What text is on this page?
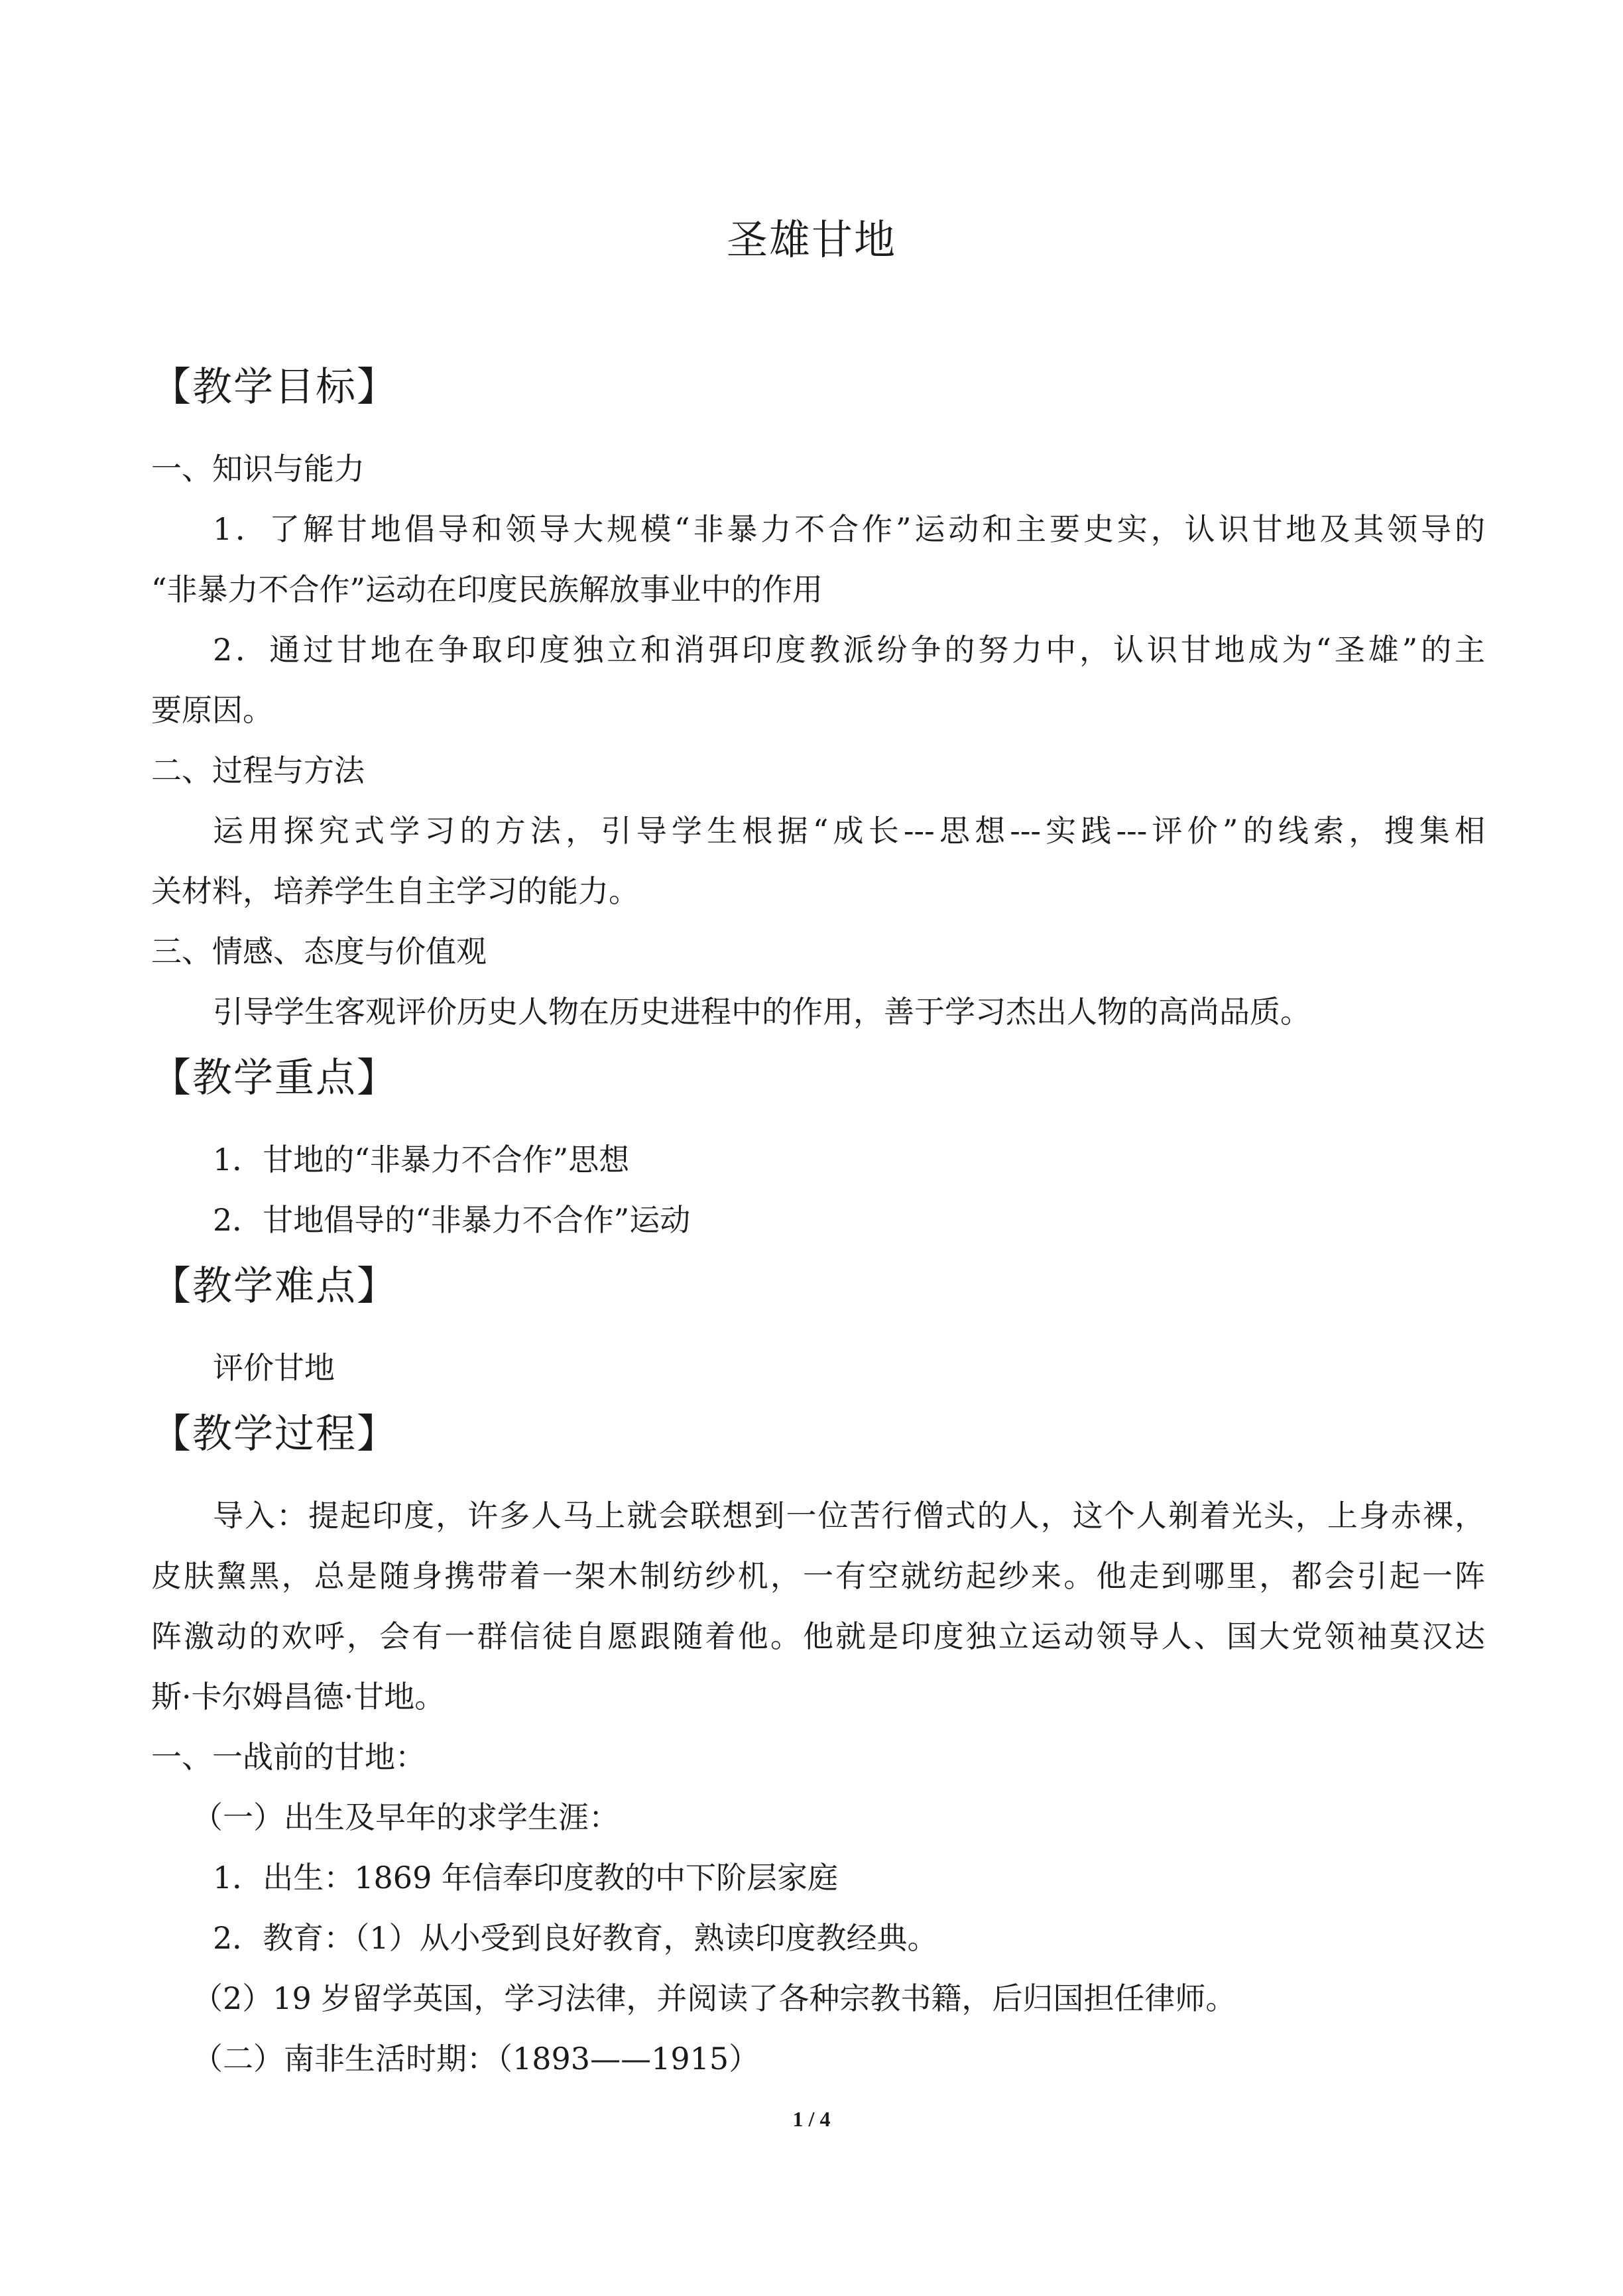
圣雄甘地

【教学目标】

一、知识与能力

1．了解甘地倡导和领导大规模“非暴力不合作”运动和主要史实，认识甘地及其领导的

“非暴力不合作”运动在印度民族解放事业中的作用

2．通过甘地在争取印度独立和消弭印度教派纷争的努力中，认识甘地成为“圣雄”的主

要原因。

二、过程与方法

运用探究式学习的方法，引导学生根据“成长---思想---实践---评价”的线索，搜集相

关材料，培养学生自主学习的能力。

三、情感、态度与价值观

引导学生客观评价历史人物在历史进程中的作用，善于学习杰出人物的高尚品质。

【教学重点】

1．甘地的“非暴力不合作”思想

2．甘地倡导的“非暴力不合作”运动

【教学难点】

评价甘地

【教学过程】

导入：提起印度，许多人马上就会联想到一位苦行僧式的人，这个人剃着光头，上身赤裸，

皮肤黧黑，总是随身携带着一架木制纺纱机，一有空就纺起纱来。他走到哪里，都会引起一阵

阵激动的欢呼，会有一群信徒自愿跟随着他。他就是印度独立运动领导人、国大党领袖莫汉达

斯·卡尔姆昌德·甘地。

一、一战前的甘地：

（一）出生及早年的求学生涯：

1．出生：1869 年信奉印度教的中下阶层家庭

2．教育：（1）从小受到良好教育，熟读印度教经典。

（2）19 岁留学英国，学习法律，并阅读了各种宗教书籍，后归国担任律师。

（二）南非生活时期：（1893——1915）

1 / 4
